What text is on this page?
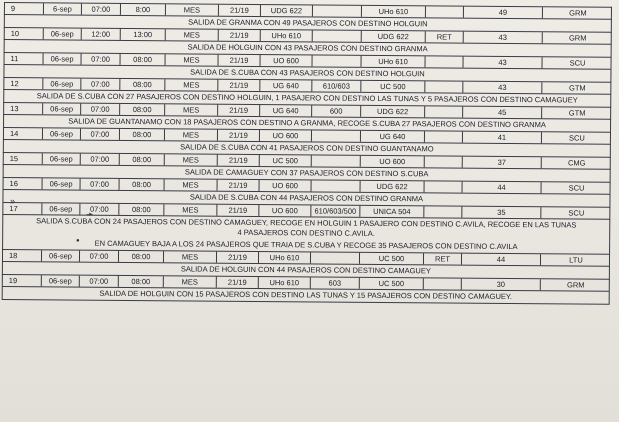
9	6-sep	07:00	8:00	MES	21/19	UDG 622	UHo 610	49	GRM
SALIDA DE GRANMA CON 49 PASAJEROS CON DESTINO HOLGUIN
10	06-sep	12:00	13:00	MES	21/19	UHo 610	UDG 622	RET	43	GRM
SALIDA DE HOLGUIN CON 43 PASAJEROS CON DESTINO GRANMA
11	06-sep	07:00	08:00	MES	21/19	UO 600	UHo 610	43	SCU
SALIDA DE S.CUBA CON 43 PASAJEROS CON DESTINO HOLGUIN
12	06-sep	07:00	08:00	MES	21/19	UG 640	610/603	UC 500	43	GTM
SALIDA DE S.CUBA CON 27 PASAJEROS CON DESTINO HOLGUIN, 1 PASAJERO CON DESTINO LAS TUNAS Y 5 PASAJEROS CON DESTINO CAMAGUEY
13	06-sep	07:00	08:00	MES	21/19	UG 640	600	UDG 622	45	GTM
SALIDA DE GUANTANAMO CON 18 PASAJEROS CON DESTINO A GRANMA, RECOGE S.CUBA 27 PASAJEROS CON DESTINO GRANMA
14	06-sep	07:00	08:00	MES	21/19	UO 600	UG 640	41	SCU
SALIDA DE S.CUBA CON 41 PASAJEROS CON DESTINO GUANTANAMO
15	06-sep	07:00	08:00	MES	21/19	UC 500	UO 600	37	CMG
SALIDA DE CAMAGUEY CON 37 PASAJEROS CON DESTINO S.CUBA
16	06-sep	07:00	08:00	MES	21/19	UO 600	UDG 622	44	SCU
SALIDA DE S.CUBA CON 44 PASAJEROS CON DESTINO GRANMA
17	06-sep	07:00	08:00	MES	21/19	UO 600	610/603/500	UNICA 504	35	SCU
SALIDA S.CUBA CON 24 PASAJEROS CON DESTINO CAMAGUEY, RECOGE EN HOLGUIN 1 PASAJERO CON DESTINO C.AVILA, RECOGE EN LAS TUNAS 4 PASAJEROS CON DESTINO C.AVILA.
EN CAMAGUEY BAJA A LOS 24 PASAJEROS QUE TRAIA DE S.CUBA Y RECOGE 35 PASAJEROS CON DESTINO C.AVILA
18	06-sep	07:00	08:00	MES	21/19	UHo 610	UC 500	RET	44	LTU
SALIDA DE HOLGUIN CON 44 PASAJEROS CON DESTINO CAMAGUEY
19	06-sep	07:00	08:00	MES	21/19	UHo 610	603	UC 500	30	GRM
SALIDA DE HOLGUIN CON 15 PASAJEROS CON DESTINO LAS TUNAS Y 15 PASAJEROS CON DESTINO CAMAGUEY.
»
➛
●
